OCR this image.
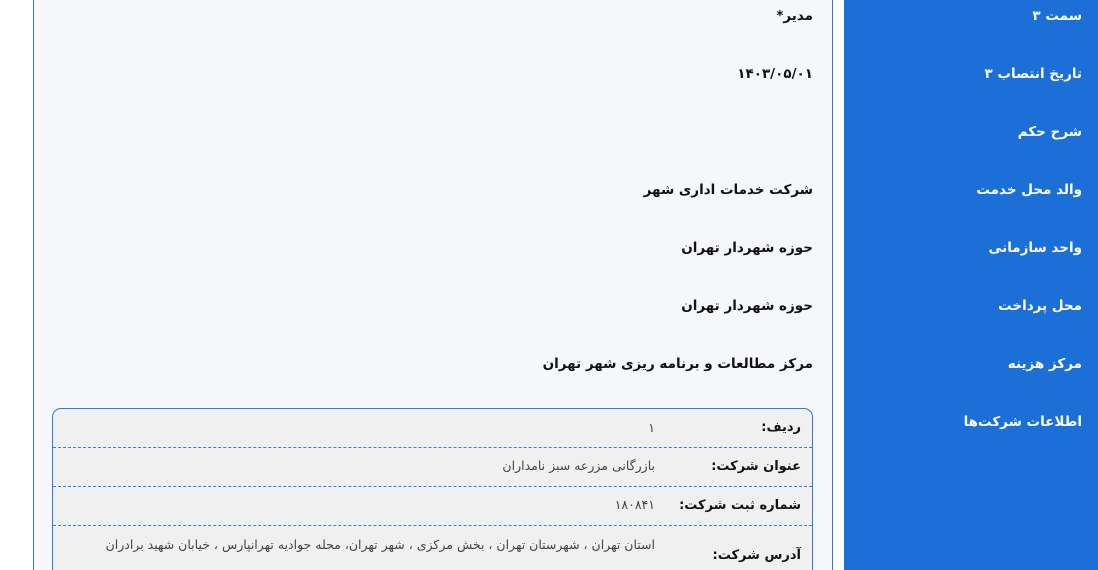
سمت ۳
تاریخ انتصاب ۳
شرح حکم
والد محل خدمت
واحد سازمانی
محل پرداخت
مرکز هزینه
اطلاعات شرکت‌ها
مدیر*
۱۴۰۳/۰۵/۰۱
شرکت خدمات اداری شهر
حوزه شهردار تهران
حوزه شهردار تهران
مرکز مطالعات و برنامه ریزی شهر تهران
ردیف:
۱
عنوان شرکت:
بازرگانی مزرعه سبز نامداران
شماره ثبت شرکت:
۱۸۰۸۴۱
آدرس شرکت:
استان تهران ، شهرستان تهران ، بخش مرکزی ، شهر تهران، محله جوادیه تهرانپارس ، خیابان شهید برادران
